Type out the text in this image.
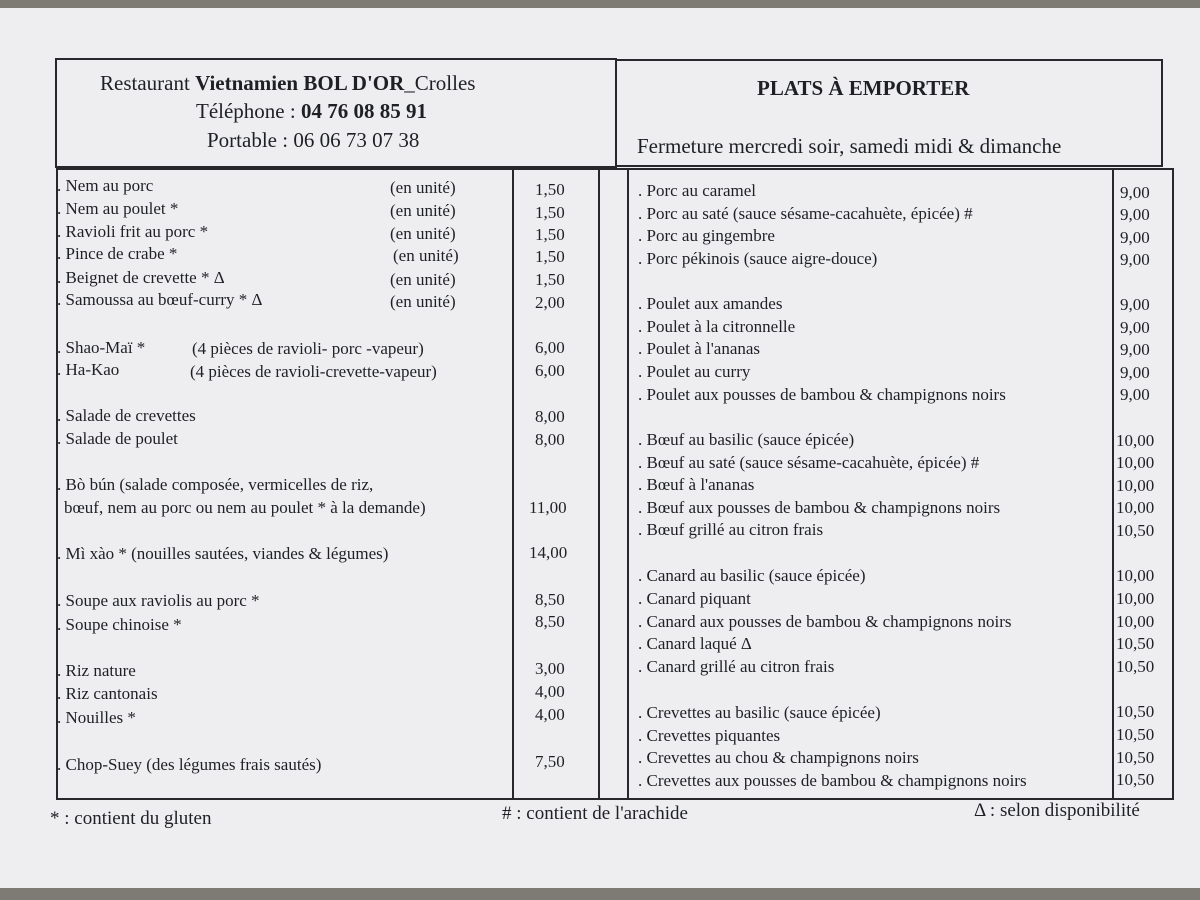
Restaurant Vietnamien BOL D'OR_Crolles
Téléphone : 04 76 08 85 91
Portable : 06 06 73 07 38
PLATS À EMPORTER
Fermeture mercredi soir, samedi midi & dimanche
. Nem au porc	(en unité)	1,50
. Nem au poulet *	(en unité)	1,50
. Ravioli frit au porc *	(en unité)	1,50
. Pince de crabe *	(en unité)	1,50
. Beignet de crevette * Δ	(en unité)	1,50
. Samoussa au bœuf-curry * Δ	(en unité)	2,00
. Shao-Maï *	(4 pièces de ravioli- porc -vapeur)	6,00
. Ha-Kao	(4 pièces de ravioli-crevette-vapeur)	6,00
. Salade de crevettes	8,00
. Salade de poulet	8,00
. Bò bún (salade composée, vermicelles de riz,
bœuf, nem au porc ou nem au poulet * à la demande)	11,00
. Mì xào * (nouilles sautées, viandes & légumes)	14,00
. Soupe aux raviolis au porc *	8,50
. Soupe chinoise *	8,50
. Riz nature	3,00
. Riz cantonais	4,00
. Nouilles *	4,00
. Chop-Suey (des légumes frais sautés)	7,50
. Porc au caramel	9,00
. Porc au saté (sauce sésame-cacahuète, épicée) #	9,00
. Porc au gingembre	9,00
. Porc pékinois (sauce aigre-douce)	9,00
. Poulet aux amandes	9,00
. Poulet à la citronnelle	9,00
. Poulet à l'ananas	9,00
. Poulet au curry	9,00
. Poulet aux pousses de bambou & champignons noirs	9,00
. Bœuf au basilic (sauce épicée)	10,00
. Bœuf au saté (sauce sésame-cacahuète, épicée) #	10,00
. Bœuf à l'ananas	10,00
. Bœuf aux pousses de bambou & champignons noirs	10,00
. Bœuf grillé au citron frais	10,50
. Canard au basilic (sauce épicée)	10,00
. Canard piquant	10,00
. Canard aux pousses de bambou & champignons noirs	10,00
. Canard laqué Δ	10,50
. Canard grillé au citron frais	10,50
. Crevettes au basilic (sauce épicée)	10,50
. Crevettes piquantes	10,50
. Crevettes au chou & champignons noirs	10,50
. Crevettes aux pousses de bambou & champignons noirs	10,50
* : contient du gluten	# : contient de l'arachide	Δ : selon disponibilité
